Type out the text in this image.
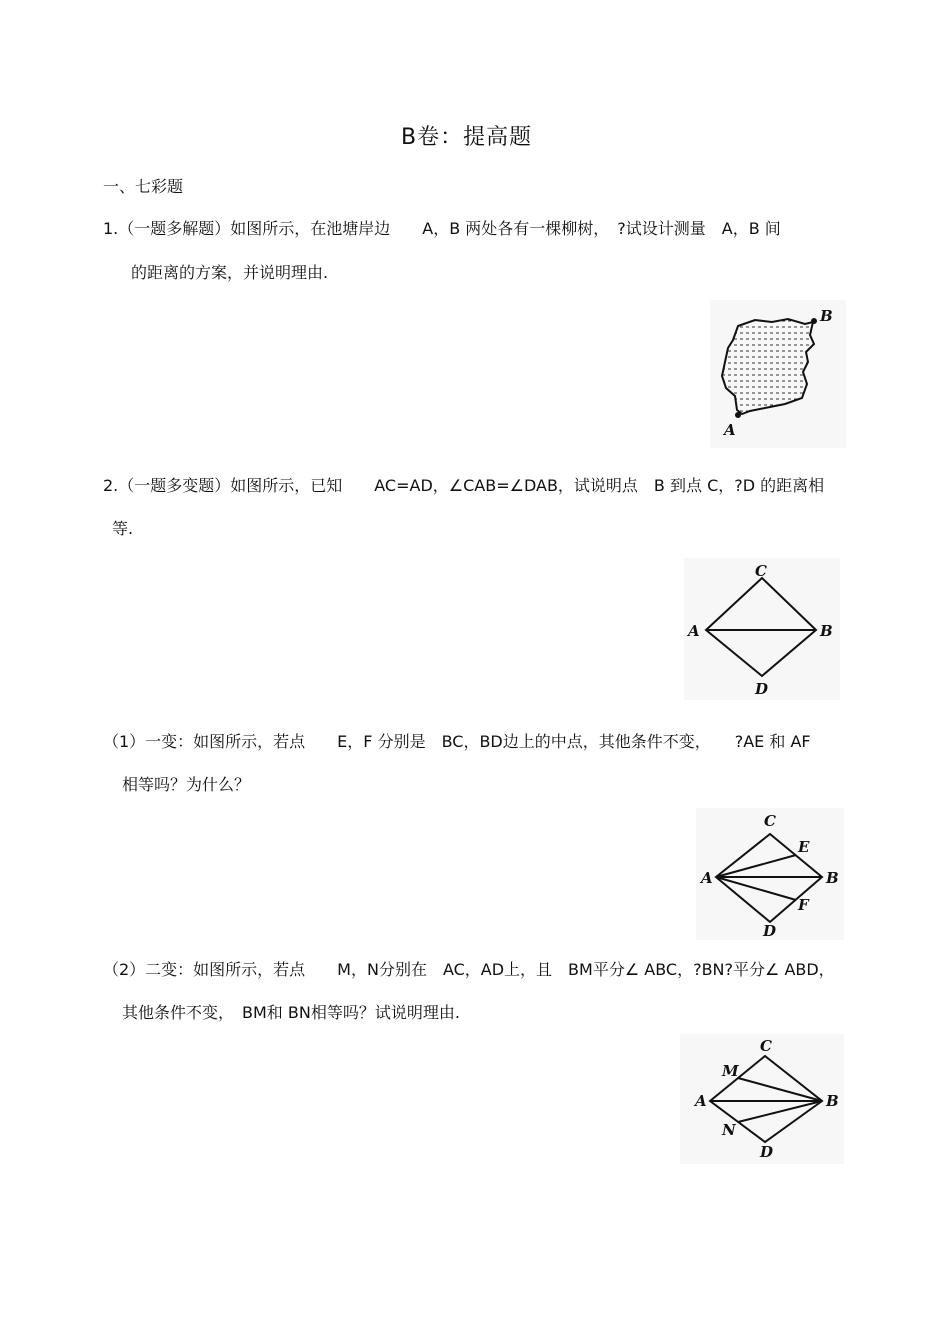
B卷：提高题
一、七彩题
1.（一题多解题）如图所示，在池塘岸边　　A，B 两处各有一棵柳树，　?试设计测量　A，B 间
的距离的方案，并说明理由.
B
A
2.（一题多变题）如图所示，已知　　AC=AD，∠CAB=∠DAB，试说明点　B 到点 C，?D 的距离相
等.
C
A	B
D
（1）一变：如图所示，若点　　E，F 分别是　BC，BD边上的中点，其他条件不变，　　?AE 和 AF
相等吗？为什么？
C
E
A	B
F
D
（2）二变：如图所示，若点　　M，N分别在　AC，AD上，且　BM平分∠ ABC，?BN?平分∠ ABD，
其他条件不变，　BM和 BN相等吗？试说明理由.
C
M
A	B
N
D
